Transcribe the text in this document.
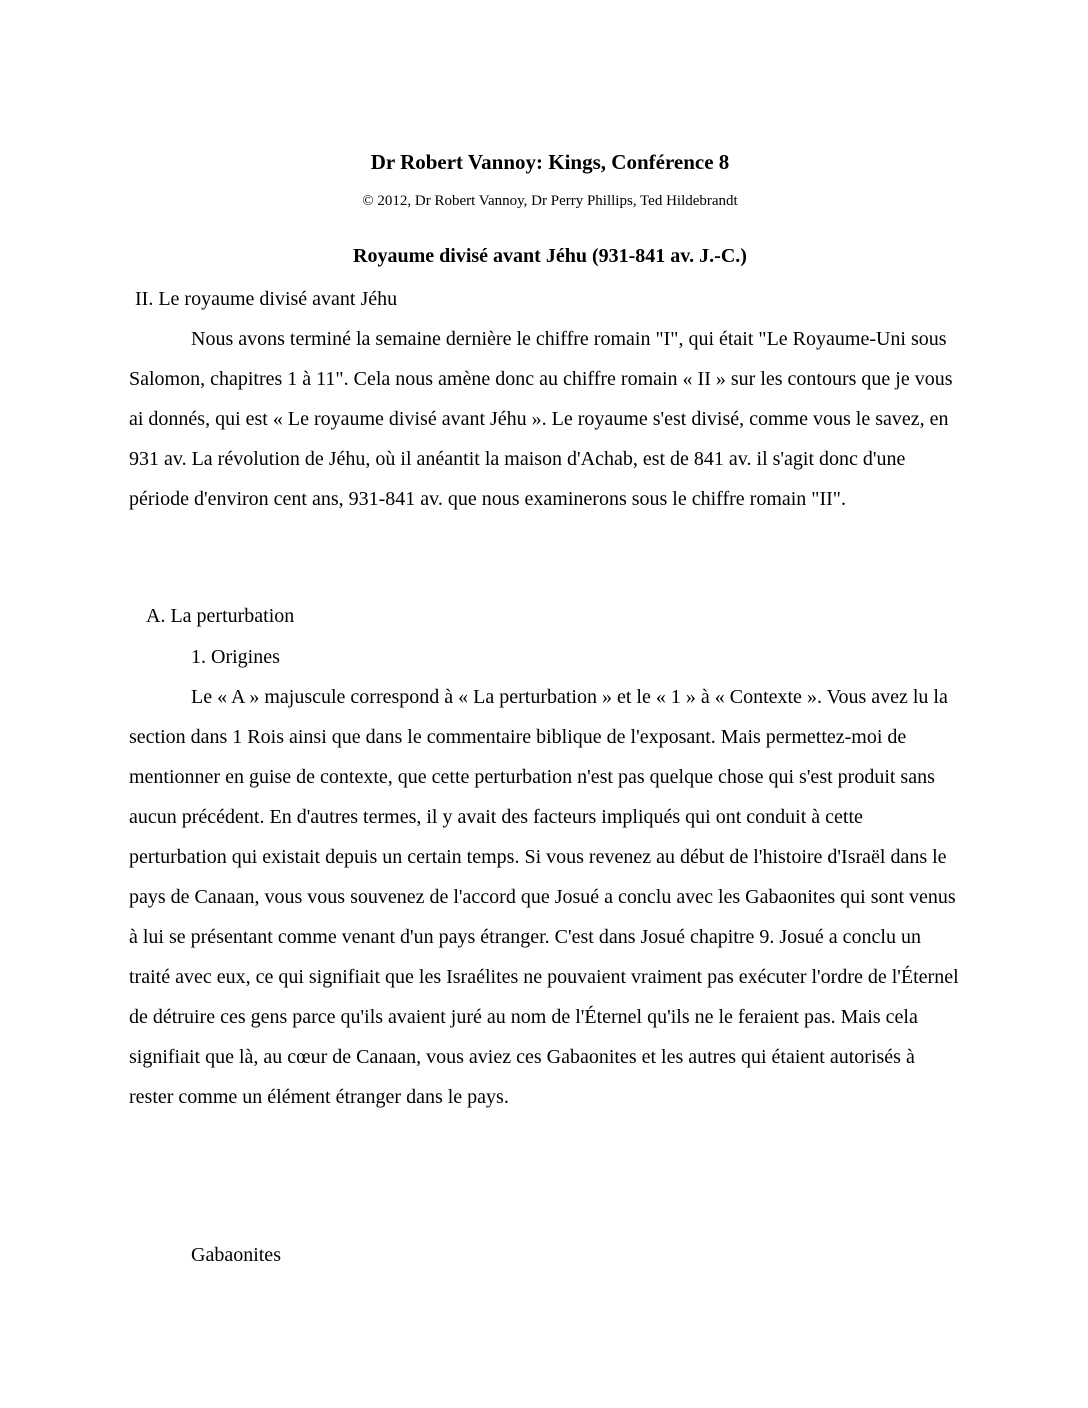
Dr Robert Vannoy: Kings, Conférence 8

© 2012, Dr Robert Vannoy, Dr Perry Phillips, Ted Hildebrandt

Royaume divisé avant Jéhu (931-841 av. J.-C.)

II. Le royaume divisé avant Jéhu

Nous avons terminé la semaine dernière le chiffre romain "I", qui était "Le Royaume-Uni sous Salomon, chapitres 1 à 11". Cela nous amène donc au chiffre romain « II » sur les contours que je vous ai donnés, qui est « Le royaume divisé avant Jéhu ». Le royaume s'est divisé, comme vous le savez, en 931 av. La révolution de Jéhu, où il anéantit la maison d'Achab, est de 841 av. il s'agit donc d'une période d'environ cent ans, 931-841 av. que nous examinerons sous le chiffre romain "II".

A. La perturbation

1. Origines

Le « A » majuscule correspond à « La perturbation » et le « 1 » à « Contexte ». Vous avez lu la section dans 1 Rois ainsi que dans le commentaire biblique de l'exposant. Mais permettez-moi de mentionner en guise de contexte, que cette perturbation n'est pas quelque chose qui s'est produit sans aucun précédent. En d'autres termes, il y avait des facteurs impliqués qui ont conduit à cette perturbation qui existait depuis un certain temps. Si vous revenez au début de l'histoire d'Israël dans le pays de Canaan, vous vous souvenez de l'accord que Josué a conclu avec les Gabaonites qui sont venus à lui se présentant comme venant d'un pays étranger. C'est dans Josué chapitre 9. Josué a conclu un traité avec eux, ce qui signifiait que les Israélites ne pouvaient vraiment pas exécuter l'ordre de l'Éternel de détruire ces gens parce qu'ils avaient juré au nom de l'Éternel qu'ils ne le feraient pas. Mais cela signifiait que là, au cœur de Canaan, vous aviez ces Gabaonites et les autres qui étaient autorisés à rester comme un élément étranger dans le pays.

Gabaonites
